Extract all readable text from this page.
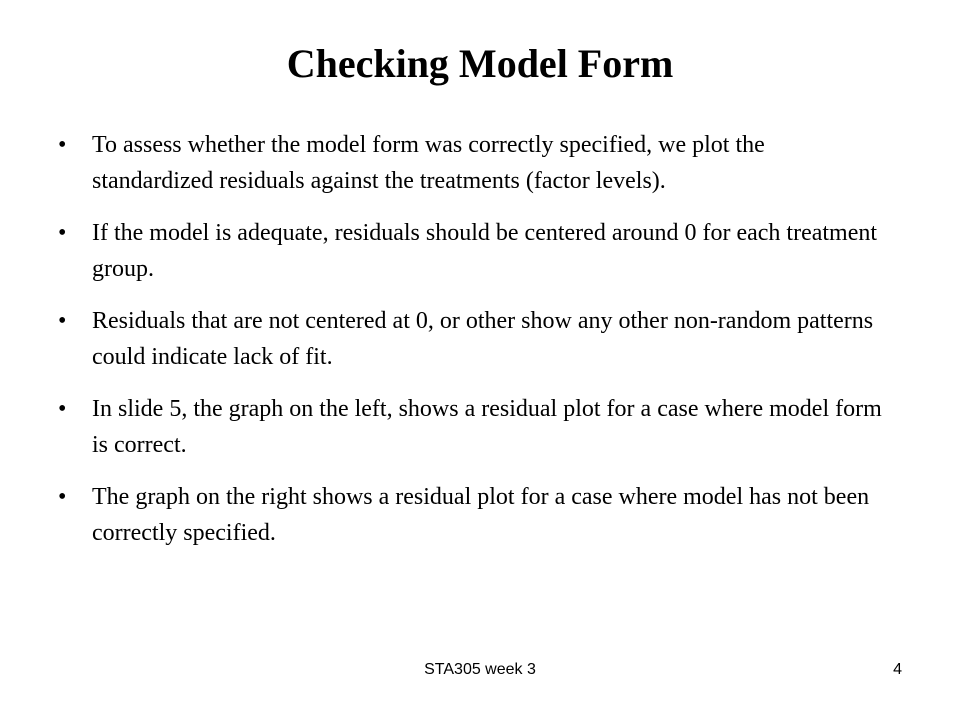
Checking Model Form
• To assess whether the model form was correctly specified, we plot the standardized residuals against the treatments (factor levels).
• If the model is adequate, residuals should be centered around 0 for each treatment group.
• Residuals that are not centered at 0, or other show any other non-random patterns could indicate lack of fit.
• In slide 5, the graph on the left, shows a residual plot for a case where model form is correct.
• The graph on the right shows a residual plot for a case where model has not been correctly specified.
STA305 week 3	4
